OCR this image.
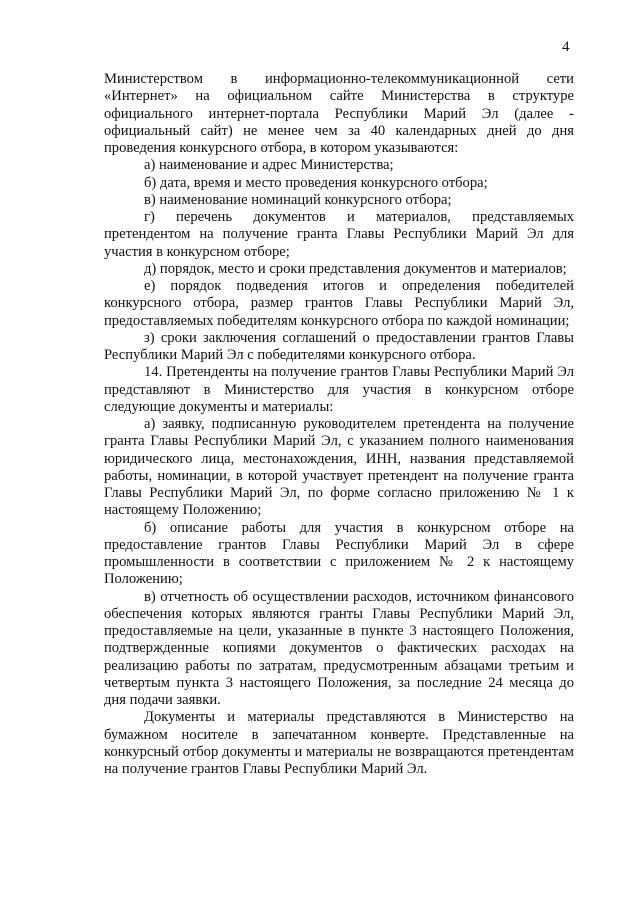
4

Министерством в информационно-телекоммуникационной сети «Интернет» на официальном сайте Министерства в структуре официального интернет-портала Республики Марий Эл (далее - официальный сайт) не менее чем за 40 календарных дней до дня проведения конкурсного отбора, в котором указываются:

а) наименование и адрес Министерства;

б) дата, время и место проведения конкурсного отбора;

в) наименование номинаций конкурсного отбора;

г) перечень документов и материалов, представляемых претендентом на получение гранта Главы Республики Марий Эл для участия в конкурсном отборе;

д) порядок, место и сроки представления документов и материалов;

е) порядок подведения итогов и определения победителей конкурсного отбора, размер грантов Главы Республики Марий Эл, предоставляемых победителям конкурсного отбора по каждой номинации;

з) сроки заключения соглашений о предоставлении грантов Главы Республики Марий Эл с победителями конкурсного отбора.

14. Претенденты на получение грантов Главы Республики Марий Эл представляют в Министерство для участия в конкурсном отборе следующие документы и материалы:

а) заявку, подписанную руководителем претендента на получение гранта Главы Республики Марий Эл, с указанием полного наименования юридического лица, местонахождения, ИНН, названия представляемой работы, номинации, в которой участвует претендент на получение гранта Главы Республики Марий Эл, по форме согласно приложению № 1 к настоящему Положению;

б) описание работы для участия в конкурсном отборе на предоставление грантов Главы Республики Марий Эл в сфере промышленности в соответствии с приложением № 2 к настоящему Положению;

в) отчетность об осуществлении расходов, источником финансового обеспечения которых являются гранты Главы Республики Марий Эл, предоставляемые на цели, указанные в пункте 3 настоящего Положения, подтвержденные копиями документов о фактических расходах на реализацию работы по затратам, предусмотренным абзацами третьим и четвертым пункта 3 настоящего Положения, за последние 24 месяца до дня подачи заявки.

Документы и материалы представляются в Министерство на бумажном носителе в запечатанном конверте. Представленные на конкурсный отбор документы и материалы не возвращаются претендентам на получение грантов Главы Республики Марий Эл.
